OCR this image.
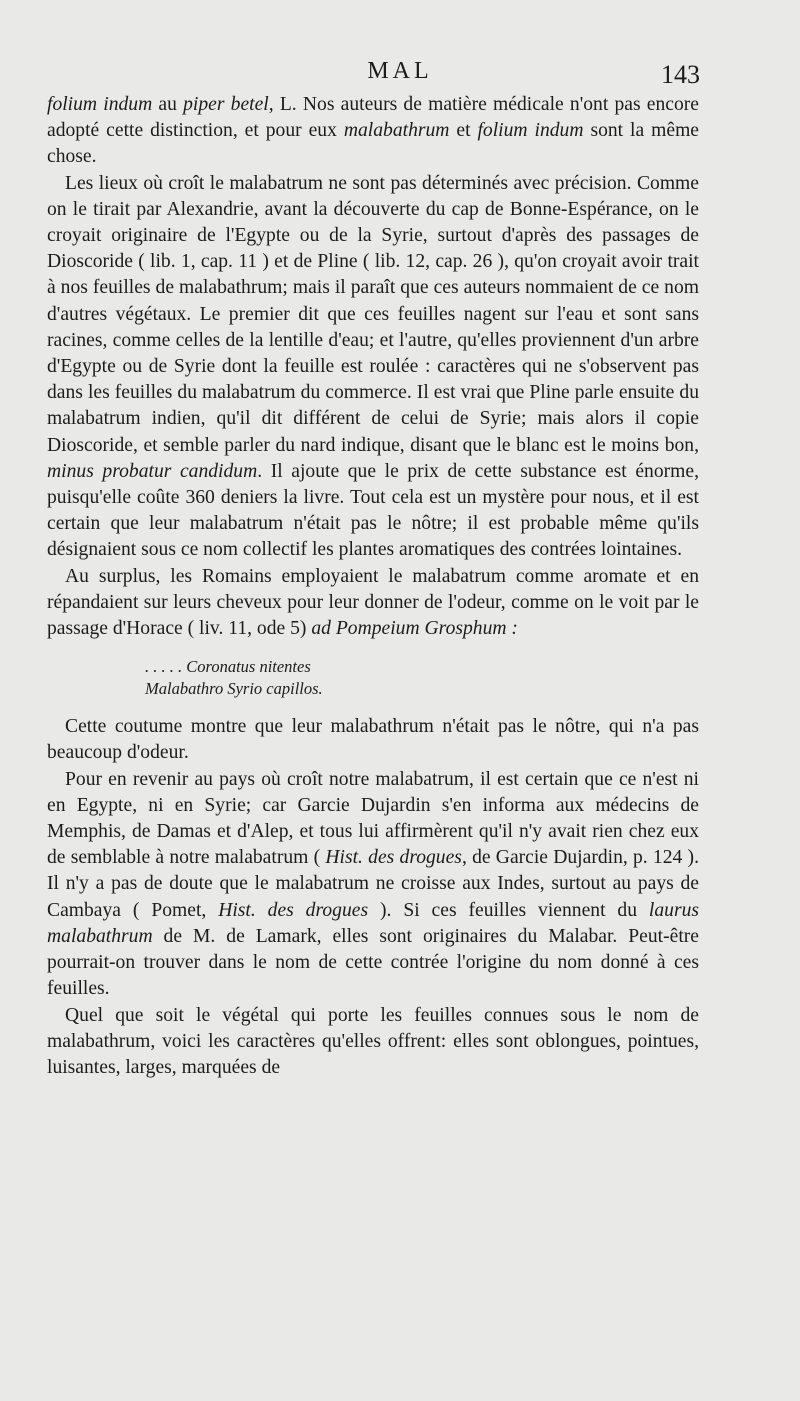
MAL	143

folium indum au piper betel, L. Nos auteurs de matière médicale n'ont pas encore adopté cette distinction, et pour eux malabathrum et folium indum sont la même chose.

Les lieux où croît le malabatrum ne sont pas déterminés avec précision. Comme on le tirait par Alexandrie, avant la découverte du cap de Bonne-Espérance, on le croyait originaire de l'Egypte ou de la Syrie, surtout d'après des passages de Dioscoride ( lib. 1, cap. 11 ) et de Pline ( lib. 12, cap. 26 ), qu'on croyait avoir trait à nos feuilles de malabathrum; mais il paraît que ces auteurs nommaient de ce nom d'autres végétaux. Le premier dit que ces feuilles nagent sur l'eau et sont sans racines, comme celles de la lentille d'eau; et l'autre, qu'elles proviennent d'un arbre d'Egypte ou de Syrie dont la feuille est roulée : caractères qui ne s'observent pas dans les feuilles du malabatrum du commerce. Il est vrai que Pline parle ensuite du malabatrum indien, qu'il dit différent de celui de Syrie; mais alors il copie Dioscoride, et semble parler du nard indique, disant que le blanc est le moins bon, minus probatur candidum. Il ajoute que le prix de cette substance est énorme, puisqu'elle coûte 360 deniers la livre. Tout cela est un mystère pour nous, et il est certain que leur malabatrum n'était pas le nôtre; il est probable même qu'ils désignaient sous ce nom collectif les plantes aromatiques des contrées lointaines.

Au surplus, les Romains employaient le malabatrum comme aromate et en répandaient sur leurs cheveux pour leur donner de l'odeur, comme on le voit par le passage d'Horace ( liv. 11, ode 5) ad Pompeium Grosphum :

. . . . . Coronatus nitentes
Malabathro Syrio capillos.

Cette coutume montre que leur malabathrum n'était pas le nôtre, qui n'a pas beaucoup d'odeur.

Pour en revenir au pays où croît notre malabatrum, il est certain que ce n'est ni en Egypte, ni en Syrie; car Garcie Dujardin s'en informa aux médecins de Memphis, de Damas et d'Alep, et tous lui affirmèrent qu'il n'y avait rien chez eux de semblable à notre malabatrum ( Hist. des drogues, de Garcie Dujardin, p. 124 ). Il n'y a pas de doute que le malabatrum ne croisse aux Indes, surtout au pays de Cambaya ( Pomet, Hist. des drogues ). Si ces feuilles viennent du laurus malabathrum de M. de Lamark, elles sont originaires du Malabar. Peut-être pourrait-on trouver dans le nom de cette contrée l'origine du nom donné à ces feuilles.

Quel que soit le végétal qui porte les feuilles connues sous le nom de malabathrum, voici les caractères qu'elles offrent: elles sont oblongues, pointues, luisantes, larges, marquées de
